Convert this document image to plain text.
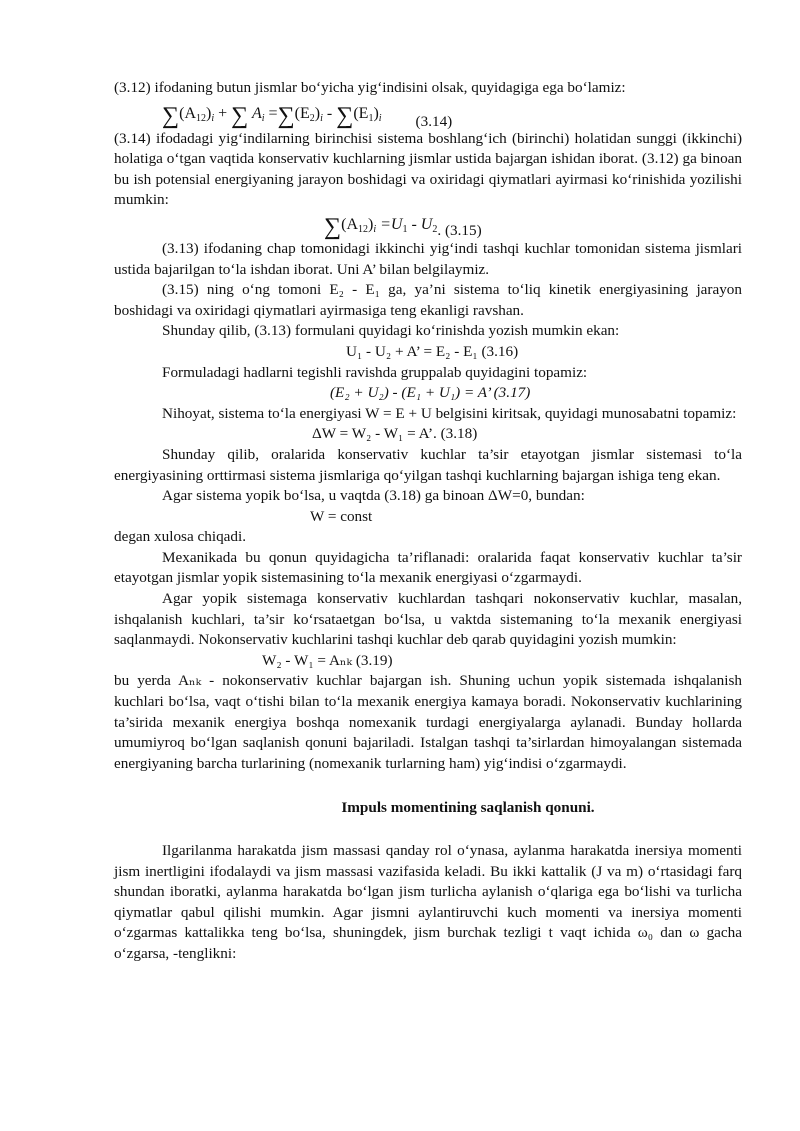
(3.12) ifodaning butun jismlar bo‘yicha yig‘indisini olsak, quyidagiga ega bo‘lamiz:

$\sum(A_{12})_i$ + ∑ $A_i =\sum(E_2)_i - \sum(E_1)_i$ (3.14)

(3.14) ifodadagi yig‘indilarning birinchisi sistema boshlang‘ich (birinchi) holatidan sunggi (ikkinchi) holatiga o‘tgan vaqtida konservativ kuchlarning jismlar ustida bajargan ishidan iborat. (3.12) ga binoan bu ish potensial energiyaning jarayon boshidagi va oxiridagi qiymatlari ayirmasi ko‘rinishida yozilishi mumkin:

$\sum(A_{12})_i =U_1 - U_2$. (3.15)

(3.13) ifodaning chap tomonidagi ikkinchi yig‘indi tashqi kuchlar tomonidan sistema jismlari ustida bajarilgan to‘la ishdan iborat. Uni A’ bilan belgilaymiz.

(3.15) ning o‘ng tomoni E₂ - E₁ ga, ya’ni sistema to‘liq kinetik energiyasining jarayon boshidagi va oxiridagi qiymatlari ayirmasiga teng ekanligi ravshan.

Shunday qilib, (3.13) formulani quyidagi ko‘rinishda yozish mumkin ekan:

U₁ - U₂ + A’ = E₂ - E₁ (3.16)

Formuladagi hadlarni tegishli ravishda gruppalab quyidagini topamiz:

(E₂ + U₂) - (E₁ + U₁) = A’ (3.17)

Nihoyat, sistema to‘la energiyasi W = E + U belgisini kiritsak, quyidagi munosabatni topamiz:

ΔW = W₂ - W₁ = A’. (3.18)

Shunday qilib, oralarida konservativ kuchlar ta’sir etayotgan jismlar sistemasi to‘la energiyasining orttirmasi sistema jismlariga qo‘yilgan tashqi kuchlarning bajargan ishiga teng ekan.

Agar sistema yopik bo‘lsa, u vaqtda (3.18) ga binoan ΔW=0, bundan:

W = const

degan xulosa chiqadi.

Mexanikada bu qonun quyidagicha ta’riflanadi: oralarida faqat konservativ kuchlar ta’sir etayotgan jismlar yopik sistemasining to‘la mexanik energiyasi o‘zgarmaydi.

Agar yopik sistemaga konservativ kuchlardan tashqari nokonservativ kuchlar, masalan, ishqalanish kuchlari, ta’sir ko‘rsataetgan bo‘lsa, u vaktda sistemaning to‘la mexanik energiyasi saqlanmaydi. Nokonservativ kuchlarini tashqi kuchlar deb qarab quyidagini yozish mumkin:

W₂ - W₁ = Aₙₖ (3.19)

bu yerda Aₙₖ - nokonservativ kuchlar bajargan ish. Shuning uchun yopik sistemada ishqalanish kuchlari bo‘lsa, vaqt o‘tishi bilan to‘la mexanik energiya kamaya boradi. Nokonservativ kuchlarining ta’sirida mexanik energiya boshqa nomexanik turdagi energiyalarga aylanadi. Bunday hollarda umumiyroq bo‘lgan saqlanish qonuni bajariladi. Istalgan tashqi ta’sirlardan himoyalangan sistemada energiyaning barcha turlarining (nomexanik turlarning ham) yig‘indisi o‘zgarmaydi.

Impuls momentining saqlanish qonuni.

Ilgarilanma harakatda jism massasi qanday rol o‘ynasa, aylanma harakatda inersiya momenti jism inertligini ifodalaydi va jism massasi vazifasida keladi. Bu ikki kattalik (J va m) o‘rtasidagi farq shundan iboratki, aylanma harakatda bo‘lgan jism turlicha aylanish o‘qlariga ega bo‘lishi va turlicha qiymatlar qabul qilishi mumkin. Agar jismni aylantiruvchi kuch momenti va inersiya momenti o‘zgarmas kattalikka teng bo‘lsa, shuningdek, jism burchak tezligi t vaqt ichida ω₀ dan ω gacha o‘zgarsa, -tenglikni:
